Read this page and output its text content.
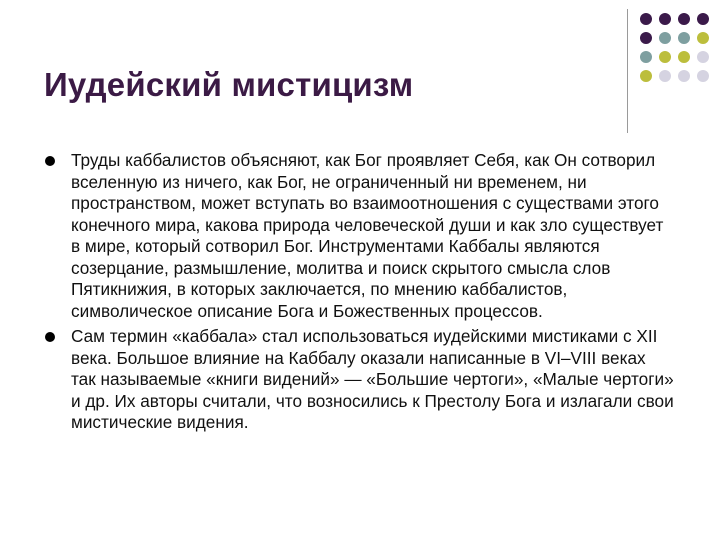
Иудейский мистицизм
Труды каббалистов объясняют, как Бог проявляет Себя, как Он сотворил вселенную из ничего, как Бог, не ограниченный ни временем, ни пространством, может вступать во взаимоотношения с существами этого конечного мира, какова природа человеческой души и как зло существует в мире, который сотворил Бог. Инструментами Каббалы являются созерцание, размышление, молитва и поиск скрытого смысла слов Пятикнижия, в которых заключается, по мнению каббалистов, символическое описание Бога и Божественных процессов.
Сам термин «каббала» стал использоваться иудейскими мистиками с XII века. Большое влияние на Каббалу оказали написанные в VI–VIII веках так называемые «книги видений» — «Большие чертоги», «Малые чертоги» и др. Их авторы считали, что возносились к Престолу Бога и излагали свои мистические видения.
